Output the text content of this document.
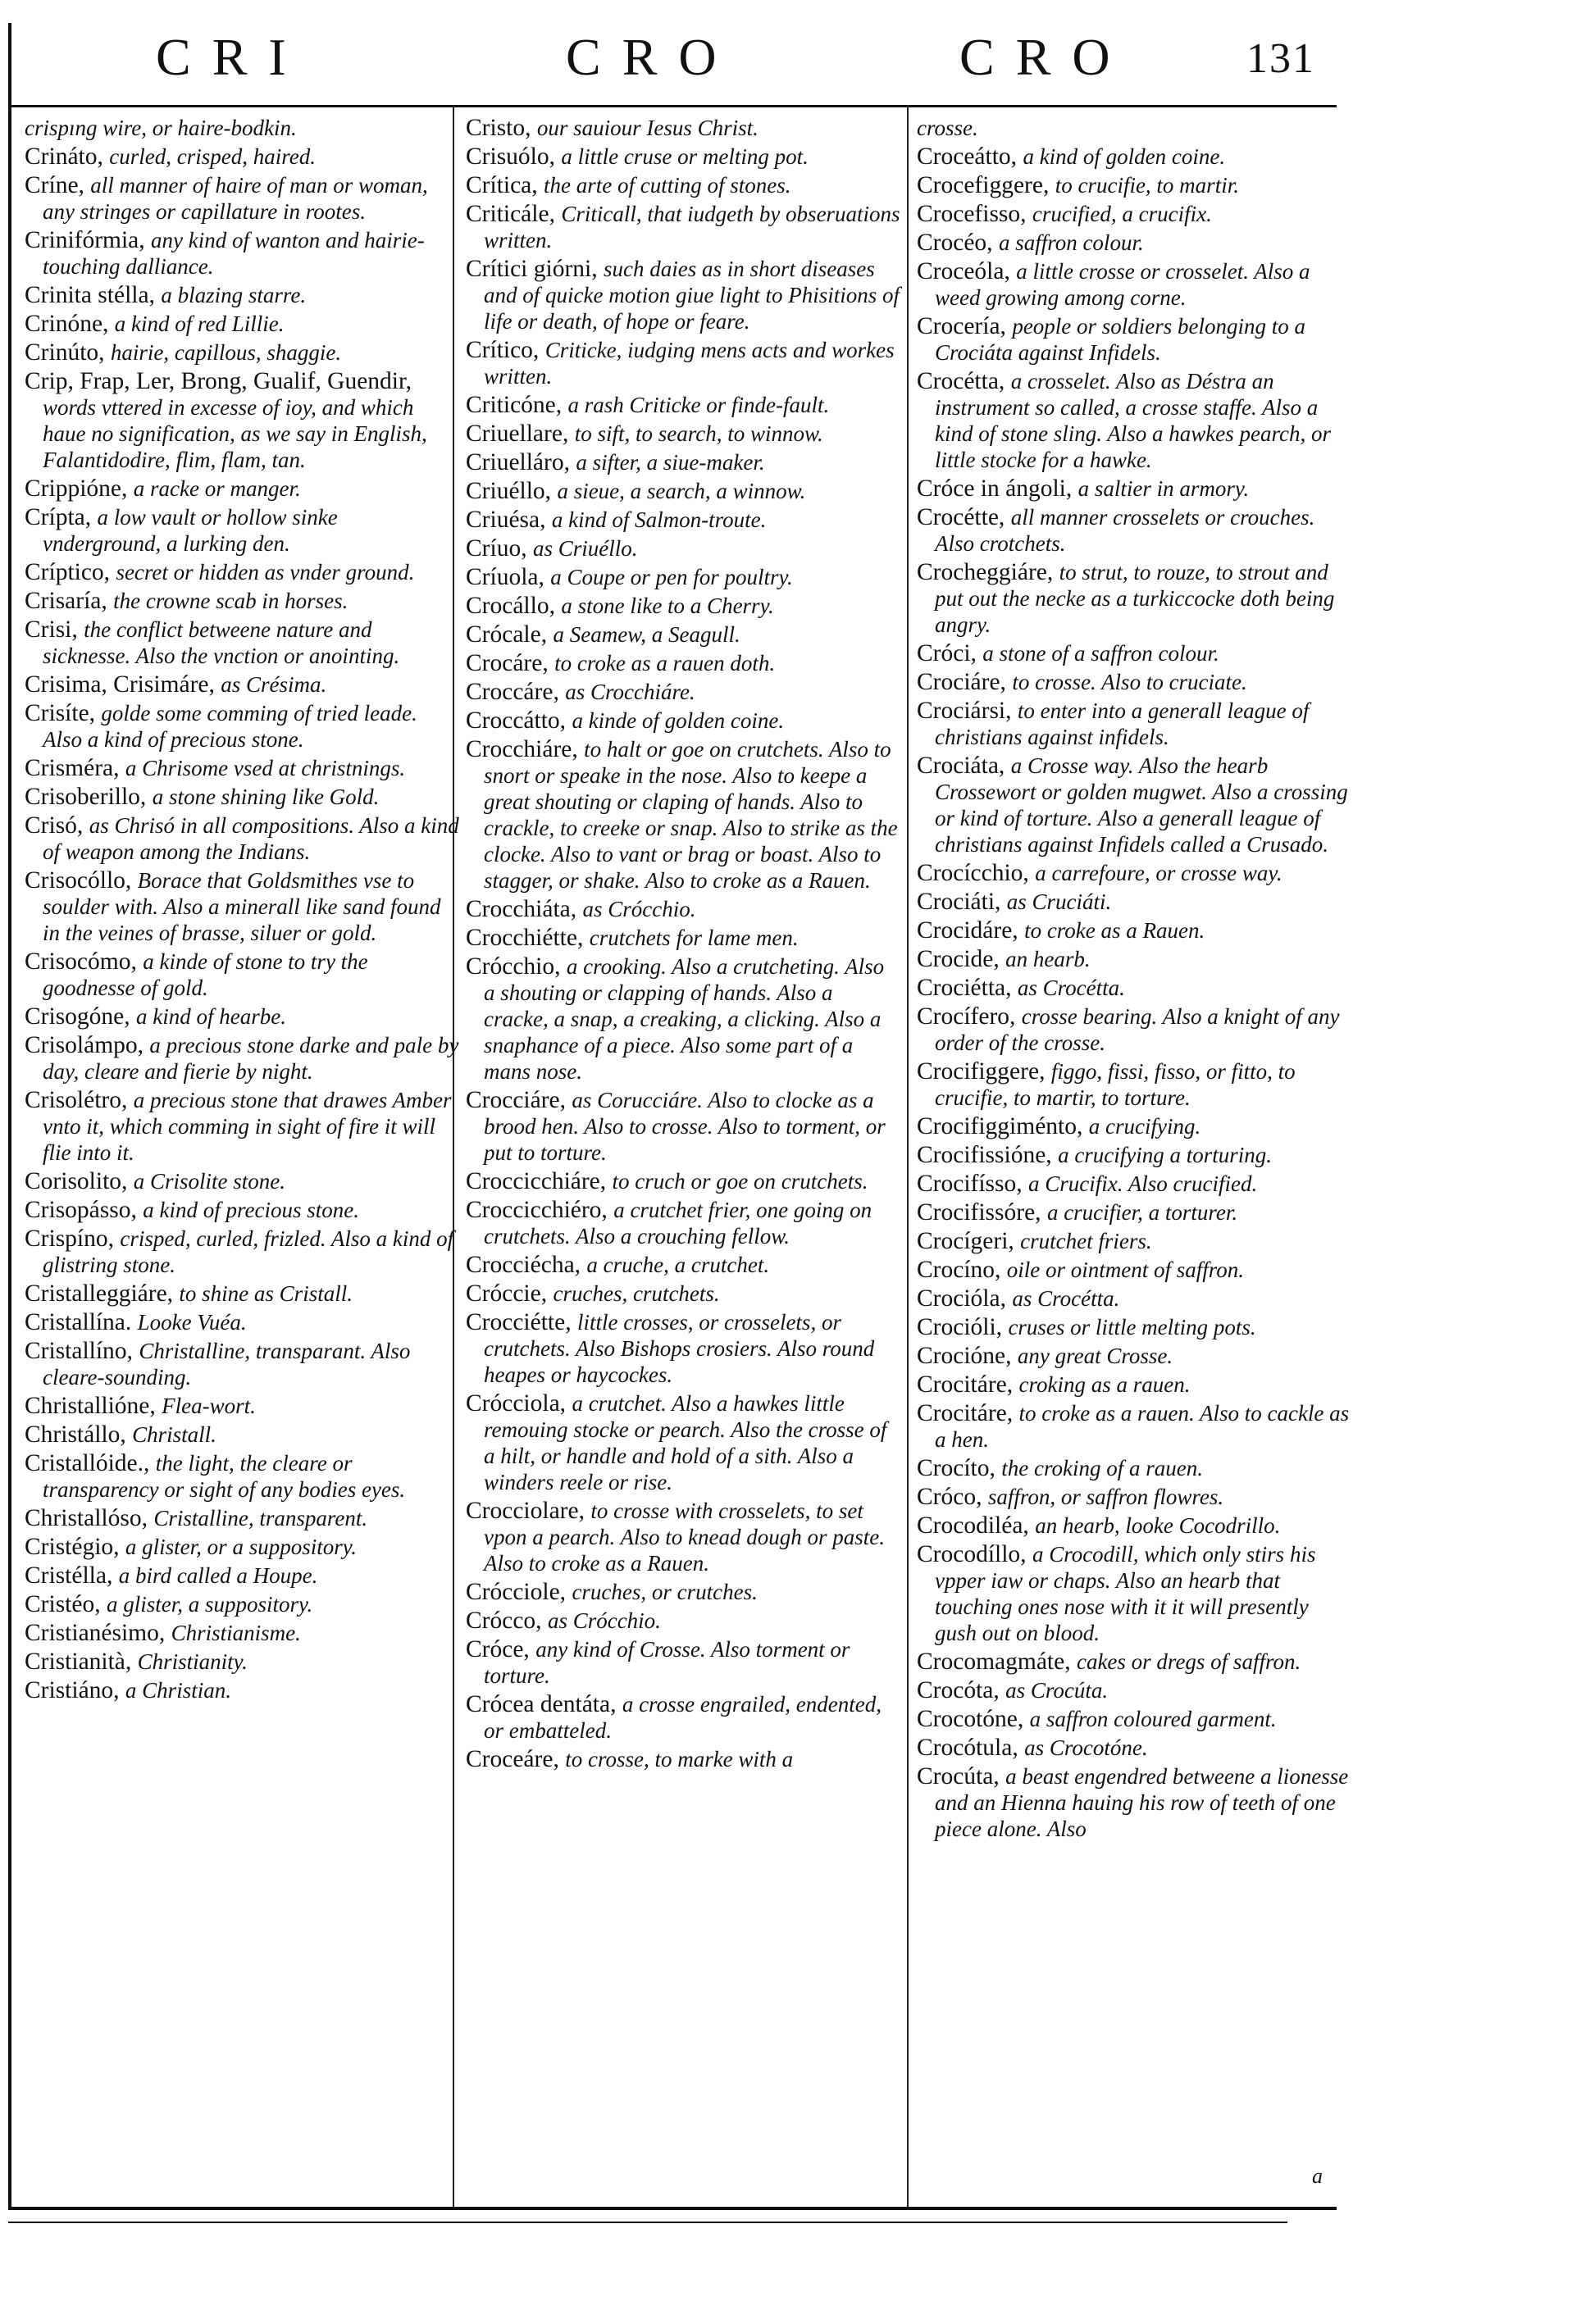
CRI	CRO	CRO	131

crispıng wire, or haire-bodkin.

Crináto, curled, crisped, haired.

Críne, all manner of haire of man or woman, any stringes or capillature in rootes.

Crinifórmia, any kind of wanton and hairie-touching dalliance.

Crinita stélla, a blazing starre.

Crinóne, a kind of red Lillie.

Crinúto, hairie, capillous, shaggie.

Crip, Frap, Ler, Brong, Gualif, Guendir, words vttered in excesse of ioy, and which haue no signification, as we say in English, Falantidodire, flim, flam, tan.

Crippióne, a racke or manger.

Crípta, a low vault or hollow sinke vnderground, a lurking den.

Críptico, secret or hidden as vnder ground.

Crisaría, the crowne scab in horses.

Crisi, the conflict betweene nature and sicknesse. Also the vnction or anointing.

Crisima, Crisimáre, as Crésima.

Crisíte, golde some comming of tried leade. Also a kind of precious stone.

Crisméra, a Chrisome vsed at christnings.

Crisoberillo, a stone shining like Gold.

Crisó, as Chrisó in all compositions. Also a kind of weapon among the Indians.

Crisocóllo, Borace that Goldsmithes vse to soulder with. Also a minerall like sand found in the veines of brasse, siluer or gold.

Crisocómo, a kinde of stone to try the goodnesse of gold.

Crisogóne, a kind of hearbe.

Crisolámpo, a precious stone darke and pale by day, cleare and fierie by night.

Crisolétro, a precious stone that drawes Amber vnto it, which comming in sight of fire it will flie into it.

Corisolito, a Crisolite stone.

Crisopásso, a kind of precious stone.

Crispíno, crisped, curled, frizled. Also a kind of glistring stone.

Cristalleggiáre, to shine as Cristall.

Cristallína. Looke Vuéa.

Cristallíno, Christalline, transparant. Also cleare-sounding.

Christallióne, Flea-wort.

Christállo, Christall.

Cristallóide., the light, the cleare or transparency or sight of any bodies eyes.

Christallóso, Cristalline, transparent.

Cristégio, a glister, or a suppository.

Cristélla, a bird called a Houpe.

Cristéo, a glister, a suppository.

Cristianésimo, Christianisme.

Cristianità, Christianity.

Cristiáno, a Christian.

Cristo, our sauiour Iesus Christ.

Crisuólo, a little cruse or melting pot.

Crítica, the arte of cutting of stones.

Criticále, Criticall, that iudgeth by obseruations written.

Crítici giórni, such daies as in short diseases and of quicke motion giue light to Phisitions of life or death, of hope or feare.

Crítico, Criticke, iudging mens acts and workes written.

Criticóne, a rash Criticke or finde-fault.

Criuellare, to sift, to search, to winnow.

Criuelláro, a sifter, a siue-maker.

Criuéllo, a sieue, a search, a winnow.

Criuésa, a kind of Salmon-troute.

Críuo, as Criuéllo.

Críuola, a Coupe or pen for poultry.

Crocállo, a stone like to a Cherry.

Crócale, a Seamew, a Seagull.

Crocáre, to croke as a rauen doth.

Croccáre, as Crocchiáre.

Croccátto, a kinde of golden coine.

Crocchiáre, to halt or goe on crutchets. Also to snort or speake in the nose. Also to keepe a great shouting or claping of hands. Also to crackle, to creeke or snap. Also to strike as the clocke. Also to vant or brag or boast. Also to stagger, or shake. Also to croke as a Rauen.

Crocchiáta, as Crócchio.

Crocchiétte, crutchets for lame men.

Crócchio, a crooking. Also a crutcheting. Also a shouting or clapping of hands. Also a cracke, a snap, a creaking, a clicking. Also a snaphance of a piece. Also some part of a mans nose.

Crocciáre, as Corucciáre. Also to clocke as a brood hen. Also to crosse. Also to torment, or put to torture.

Croccicchiáre, to cruch or goe on crutchets.

Croccicchiéro, a crutchet frier, one going on crutchets. Also a crouching fellow.

Crocciécha, a cruche, a crutchet.

Cróccie, cruches, crutchets.

Crocciétte, little crosses, or crosselets, or crutchets. Also Bishops crosiers. Also round heapes or haycockes.

Crócciola, a crutchet. Also a hawkes little remouing stocke or pearch. Also the crosse of a hilt, or handle and hold of a sith. Also a winders reele or rise.

Crocciolare, to crosse with crosselets, to set vpon a pearch. Also to knead dough or paste. Also to croke as a Rauen.

Crócciole, cruches, or crutches.

Crócco, as Crócchio.

Cróce, any kind of Crosse. Also torment or torture.

Crócea dentáta, a crosse engrailed, endented, or embatteled.

Croceáre, to crosse, to marke with a

crosse.

Croceátto, a kind of golden coine.

Crocefiggere, to crucifie, to martir.

Crocefisso, crucified, a crucifix.

Crocéo, a saffron colour.

Croceóla, a little crosse or crosselet. Also a weed growing among corne.

Crocería, people or soldiers belonging to a Crociáta against Infidels.

Crocétta, a crosselet. Also as Déstra an instrument so called, a crosse staffe. Also a kind of stone sling. Also a hawkes pearch, or little stocke for a hawke.

Cróce in ángoli, a saltier in armory.

Crocétte, all manner crosselets or crouches. Also crotchets.

Crocheggiáre, to strut, to rouze, to strout and put out the necke as a turkiccocke doth being angry.

Cróci, a stone of a saffron colour.

Crociáre, to crosse. Also to cruciate.

Crociársi, to enter into a generall league of christians against infidels.

Crociáta, a Crosse way. Also the hearb Crossewort or golden mugwet. Also a crossing or kind of torture. Also a generall league of christians against Infidels called a Crusado.

Crocícchio, a carrefoure, or crosse way.

Crociáti, as Cruciáti.

Crocidáre, to croke as a Rauen.

Crocide, an hearb.

Crociétta, as Crocétta.

Crocífero, crosse bearing. Also a knight of any order of the crosse.

Crocifiggere, figgo, fissi, fisso, or fitto, to crucifie, to martir, to torture.

Crocifiggiménto, a crucifying.

Crocifissióne, a crucifying a torturing.

Crocifísso, a Crucifix. Also crucified.

Crocifissóre, a crucifier, a torturer.

Crocígeri, crutchet friers.

Crocíno, oile or ointment of saffron.

Crocióla, as Crocétta.

Crocióli, cruses or little melting pots.

Crocióne, any great Crosse.

Crocitáre, croking as a rauen.

Crocitáre, to croke as a rauen. Also to cackle as a hen.

Crocíto, the croking of a rauen.

Cróco, saffron, or saffron flowres.

Crocodiléa, an hearb, looke Cocodrillo.

Crocodíllo, a Crocodill, which only stirs his vpper iaw or chaps. Also an hearb that touching ones nose with it it will presently gush out on blood.

Crocomagmáte, cakes or dregs of saffron.

Crocóta, as Crocúta.

Crocotóne, a saffron coloured garment.

Crocótula, as Crocotóne.

Crocúta, a beast engendred betweene a lionesse and an Hienna hauing his row of teeth of one piece alone. Also

a
